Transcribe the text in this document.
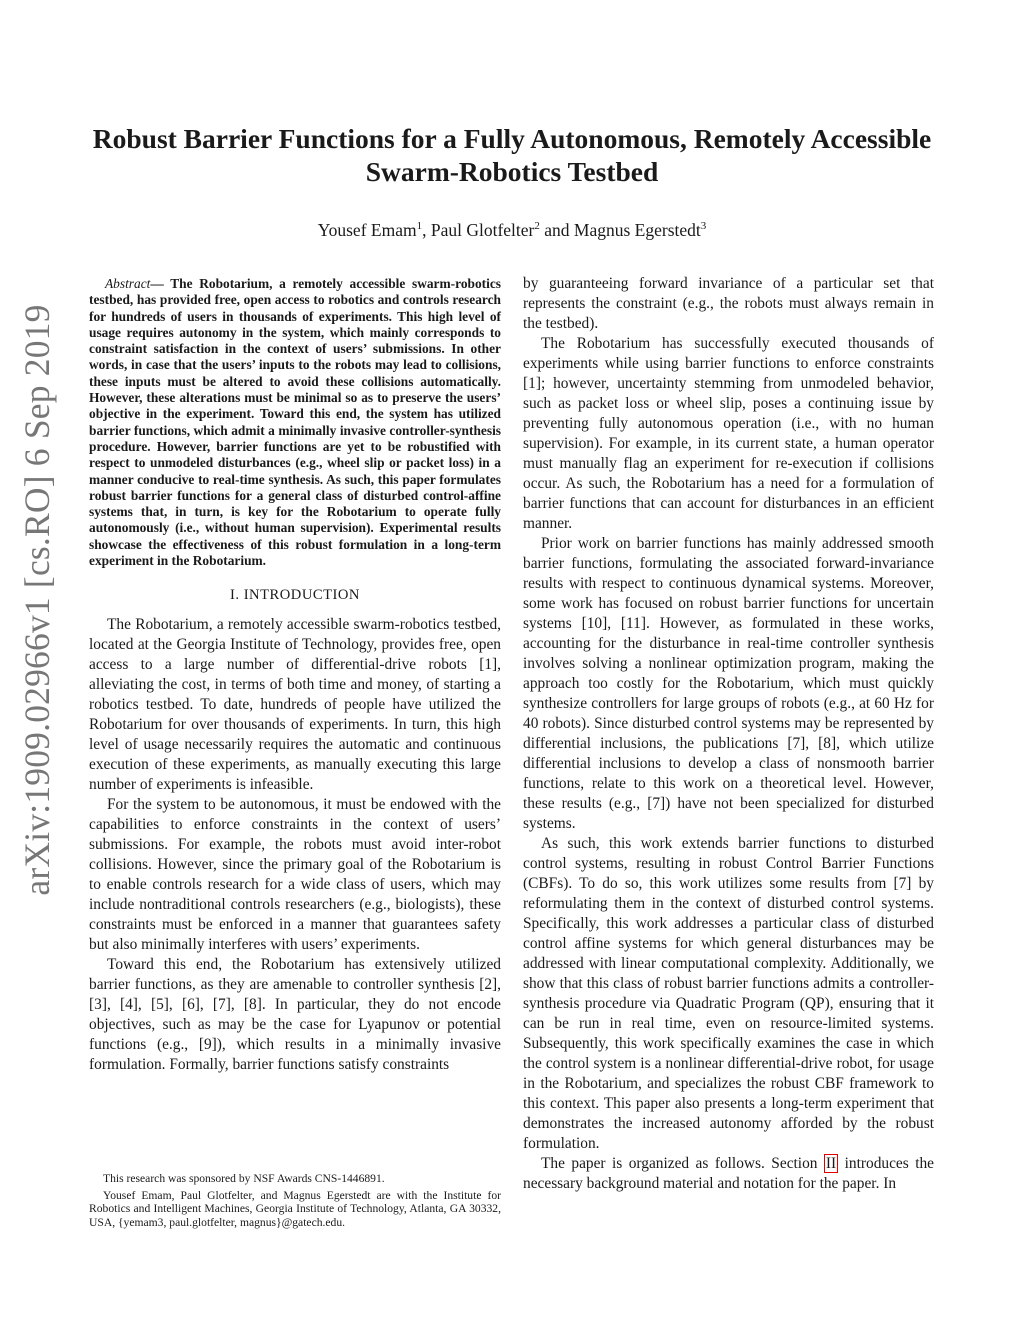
arXiv:1909.02966v1 [cs.RO] 6 Sep 2019
Robust Barrier Functions for a Fully Autonomous, Remotely Accessible
Swarm-Robotics Testbed
Yousef Emam$^1$, Paul Glotfelter$^2$ and Magnus Egerstedt$^3$

Abstract— The Robotarium, a remotely accessible swarm-robotics testbed, has provided free, open access to robotics and controls research for hundreds of users in thousands of experiments. This high level of usage requires autonomy in the system, which mainly corresponds to constraint satisfaction in the context of users’ submissions. In other words, in case that the users’ inputs to the robots may lead to collisions, these inputs must be altered to avoid these collisions automatically. However, these alterations must be minimal so as to preserve the users’ objective in the experiment. Toward this end, the system has utilized barrier functions, which admit a minimally invasive controller-synthesis procedure. However, barrier functions are yet to be robustified with respect to unmodeled disturbances (e.g., wheel slip or packet loss) in a manner conducive to real-time synthesis. As such, this paper formulates robust barrier functions for a general class of disturbed control-affine systems that, in turn, is key for the Robotarium to operate fully autonomously (i.e., without human supervision). Experimental results showcase the effectiveness of this robust formulation in a long-term experiment in the Robotarium.

I. INTRODUCTION

The Robotarium, a remotely accessible swarm-robotics testbed, located at the Georgia Institute of Technology, provides free, open access to a large number of differential-drive robots [1], alleviating the cost, in terms of both time and money, of starting a robotics testbed. To date, hundreds of people have utilized the Robotarium for over thousands of experiments. In turn, this high level of usage necessarily requires the automatic and continuous execution of these experiments, as manually executing this large number of experiments is infeasible.

For the system to be autonomous, it must be endowed with the capabilities to enforce constraints in the context of users’ submissions. For example, the robots must avoid inter-robot collisions. However, since the primary goal of the Robotarium is to enable controls research for a wide class of users, which may include nontraditional controls researchers (e.g., biologists), these constraints must be enforced in a manner that guarantees safety but also minimally interferes with users’ experiments.

Toward this end, the Robotarium has extensively utilized barrier functions, as they are amenable to controller synthesis [2], [3], [4], [5], [6], [7], [8]. In particular, they do not encode objectives, such as may be the case for Lyapunov or potential functions (e.g., [9]), which results in a minimally invasive formulation. Formally, barrier functions satisfy constraints

This research was sponsored by NSF Awards CNS-1446891.

Yousef Emam, Paul Glotfelter, and Magnus Egerstedt are with the Institute for Robotics and Intelligent Machines, Georgia Institute of Technology, Atlanta, GA 30332, USA, {yemam3, paul.glotfelter, magnus}@gatech.edu.

by guaranteeing forward invariance of a particular set that represents the constraint (e.g., the robots must always remain in the testbed).

The Robotarium has successfully executed thousands of experiments while using barrier functions to enforce constraints [1]; however, uncertainty stemming from unmodeled behavior, such as packet loss or wheel slip, poses a continuing issue by preventing fully autonomous operation (i.e., with no human supervision). For example, in its current state, a human operator must manually flag an experiment for re-execution if collisions occur. As such, the Robotarium has a need for a formulation of barrier functions that can account for disturbances in an efficient manner.

Prior work on barrier functions has mainly addressed smooth barrier functions, formulating the associated forward-invariance results with respect to continuous dynamical systems. Moreover, some work has focused on robust barrier functions for uncertain systems [10], [11]. However, as formulated in these works, accounting for the disturbance in real-time controller synthesis involves solving a nonlinear optimization program, making the approach too costly for the Robotarium, which must quickly synthesize controllers for large groups of robots (e.g., at 60 Hz for 40 robots). Since disturbed control systems may be represented by differential inclusions, the publications [7], [8], which utilize differential inclusions to develop a class of nonsmooth barrier functions, relate to this work on a theoretical level. However, these results (e.g., [7]) have not been specialized for disturbed systems.

As such, this work extends barrier functions to disturbed control systems, resulting in robust Control Barrier Functions (CBFs). To do so, this work utilizes some results from [7] by reformulating them in the context of disturbed control systems. Specifically, this work addresses a particular class of disturbed control affine systems for which general disturbances may be addressed with linear computational complexity. Additionally, we show that this class of robust barrier functions admits a controller-synthesis procedure via Quadratic Program (QP), ensuring that it can be run in real time, even on resource-limited systems. Subsequently, this work specifically examines the case in which the control system is a nonlinear differential-drive robot, for usage in the Robotarium, and specializes the robust CBF framework to this context. This paper also presents a long-term experiment that demonstrates the increased autonomy afforded by the robust formulation.

The paper is organized as follows. Section II introduces the necessary background material and notation for the paper. In
